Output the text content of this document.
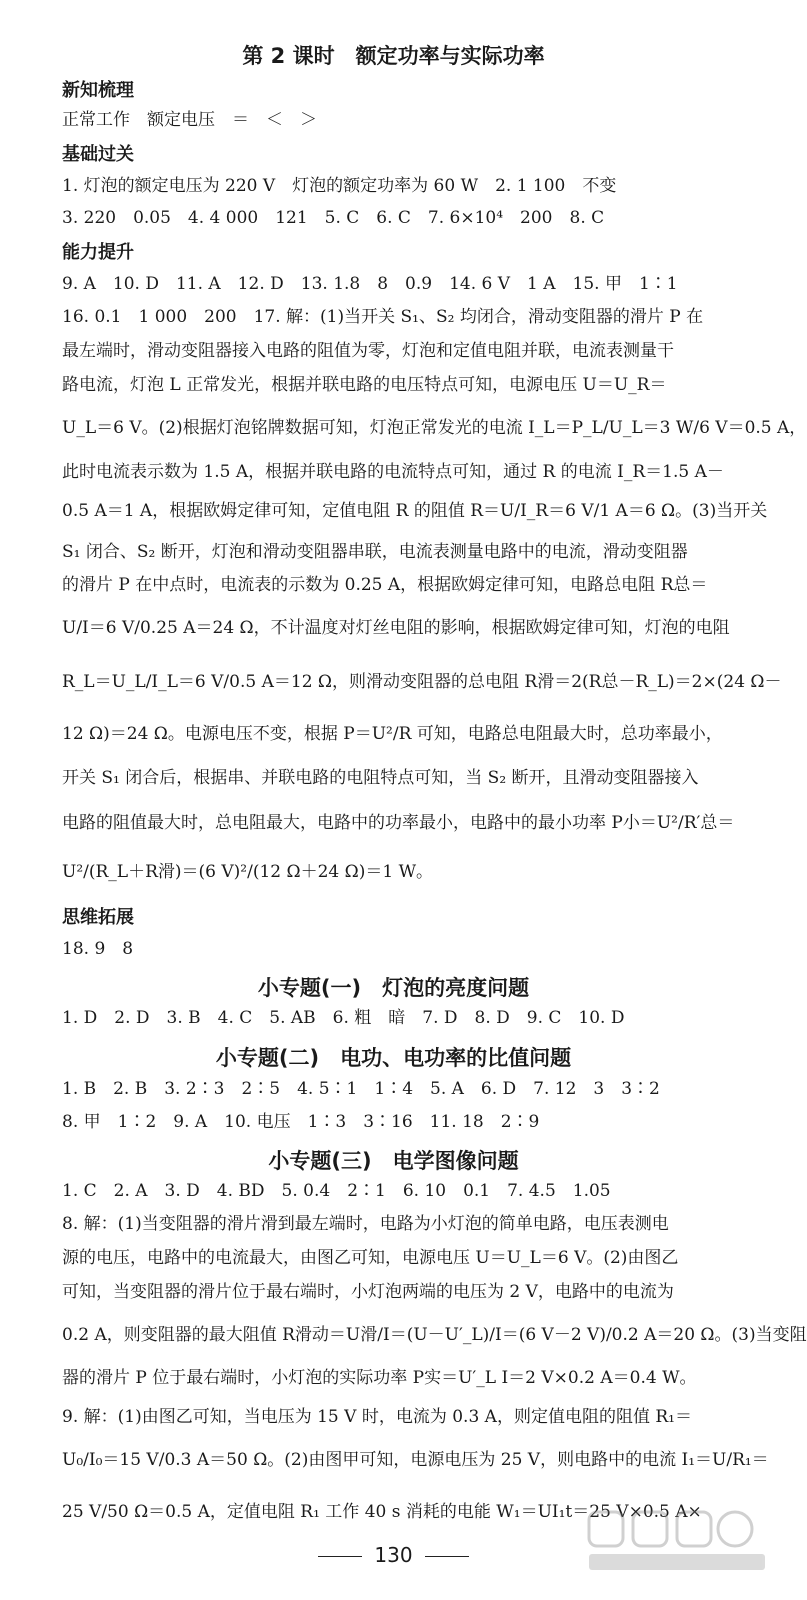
第 2 课时　额定功率与实际功率
新知梳理
正常工作　额定电压　＝　＜　＞
基础过关
1. 灯泡的额定电压为 220 V　灯泡的额定功率为 60 W　2. 1 100　不变
3. 220　0.05　4. 4 000　121　5. C　6. C　7. 6×10⁴　200　8. C
能力提升
9. A　10. D　11. A　12. D　13. 1.8　8　0.9　14. 6 V　1 A　15. 甲　1∶1
16. 0.1　1 000　200　17. 解：(1)当开关 S₁、S₂ 均闭合，滑动变阻器的滑片 P 在
最左端时，滑动变阻器接入电路的阻值为零，灯泡和定值电阻并联，电流表测量干
路电流，灯泡 L 正常发光，根据并联电路的电压特点可知，电源电压 U＝U_R＝
U_L＝6 V。(2)根据灯泡铭牌数据可知，灯泡正常发光的电流 I_L＝P_L/U_L＝3 W/6 V＝0.5 A，
此时电流表示数为 1.5 A，根据并联电路的电流特点可知，通过 R 的电流 I_R＝1.5 A－
0.5 A＝1 A，根据欧姆定律可知，定值电阻 R 的阻值 R＝U/I_R＝6 V/1 A＝6 Ω。(3)当开关
S₁ 闭合、S₂ 断开，灯泡和滑动变阻器串联，电流表测量电路中的电流，滑动变阻器
的滑片 P 在中点时，电流表的示数为 0.25 A，根据欧姆定律可知，电路总电阻 R总＝
U/I＝6 V/0.25 A＝24 Ω，不计温度对灯丝电阻的影响，根据欧姆定律可知，灯泡的电阻
R_L＝U_L/I_L＝6 V/0.5 A＝12 Ω，则滑动变阻器的总电阻 R滑＝2(R总－R_L)＝2×(24 Ω－
12 Ω)＝24 Ω。电源电压不变，根据 P＝U²/R 可知，电路总电阻最大时，总功率最小，
开关 S₁ 闭合后，根据串、并联电路的电阻特点可知，当 S₂ 断开，且滑动变阻器接入
电路的阻值最大时，总电阻最大，电路中的功率最小，电路中的最小功率 P小＝U²/R′总＝
U²/(R_L＋R滑)＝(6 V)²/(12 Ω＋24 Ω)＝1 W。
思维拓展
18. 9　8
小专题(一)　灯泡的亮度问题
1. D　2. D　3. B　4. C　5. AB　6. 粗　暗　7. D　8. D　9. C　10. D
小专题(二)　电功、电功率的比值问题
1. B　2. B　3. 2∶3　2∶5　4. 5∶1　1∶4　5. A　6. D　7. 12　3　3∶2
8. 甲　1∶2　9. A　10. 电压　1∶3　3∶16　11. 18　2∶9
小专题(三)　电学图像问题
1. C　2. A　3. D　4. BD　5. 0.4　2∶1　6. 10　0.1　7. 4.5　1.05
8. 解：(1)当变阻器的滑片滑到最左端时，电路为小灯泡的简单电路，电压表测电
源的电压，电路中的电流最大，由图乙可知，电源电压 U＝U_L＝6 V。(2)由图乙
可知，当变阻器的滑片位于最右端时，小灯泡两端的电压为 2 V，电路中的电流为
0.2 A，则变阻器的最大阻值 R滑动＝U滑/I＝(U－U′_L)/I＝(6 V－2 V)/0.2 A＝20 Ω。(3)当变阻
器的滑片 P 位于最右端时，小灯泡的实际功率 P实＝U′_L I＝2 V×0.2 A＝0.4 W。
9. 解：(1)由图乙可知，当电压为 15 V 时，电流为 0.3 A，则定值电阻的阻值 R₁＝
U₀/I₀＝15 V/0.3 A＝50 Ω。(2)由图甲可知，电源电压为 25 V，则电路中的电流 I₁＝U/R₁＝
25 V/50 Ω＝0.5 A，定值电阻 R₁ 工作 40 s 消耗的电能 W₁＝UI₁t＝25 V×0.5 A×
130
